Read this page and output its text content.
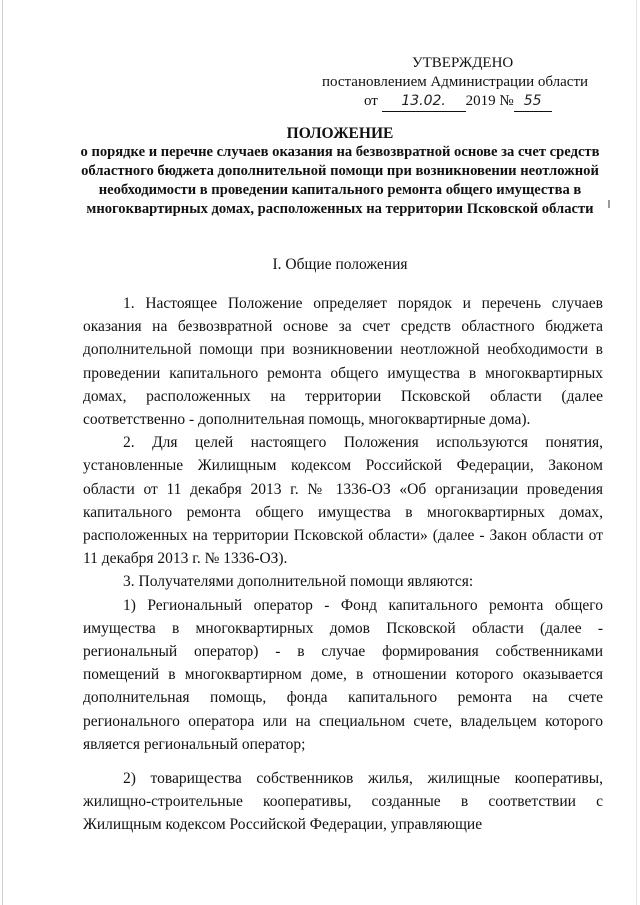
УТВЕРЖДЕНО
постановлением Администрации области
от 13.02. 2019 № 55
ПОЛОЖЕНИЕ
о порядке и перечне случаев оказания на безвозвратной основе за счет средств областного бюджета дополнительной помощи при возникновении неотложной необходимости в проведении капитального ремонта общего имущества в многоквартирных домах, расположенных на территории Псковской области
I. Общие положения

1. Настоящее Положение определяет порядок и перечень случаев оказания на безвозвратной основе за счет средств областного бюджета дополнительной помощи при возникновении неотложной необходимости в проведении капитального ремонта общего имущества в многоквартирных домах, расположенных на территории Псковской области (далее соответственно - дополнительная помощь, многоквартирные дома).

2. Для целей настоящего Положения используются понятия, установленные Жилищным кодексом Российской Федерации, Законом области от 11 декабря 2013 г. № 1336-ОЗ «Об организации проведения капитального ремонта общего имущества в многоквартирных домах, расположенных на территории Псковской области» (далее - Закон области от 11 декабря 2013 г. № 1336-ОЗ).

3. Получателями дополнительной помощи являются:

1) Региональный оператор - Фонд капитального ремонта общего имущества в многоквартирных домов Псковской области (далее - региональный оператор) - в случае формирования собственниками помещений в многоквартирном доме, в отношении которого оказывается дополнительная помощь, фонда капитального ремонта на счете регионального оператора или на специальном счете, владельцем которого является региональный оператор;

2) товарищества собственников жилья, жилищные кооперативы, жилищно-строительные кооперативы, созданные в соответствии с Жилищным кодексом Российской Федерации, управляющие
